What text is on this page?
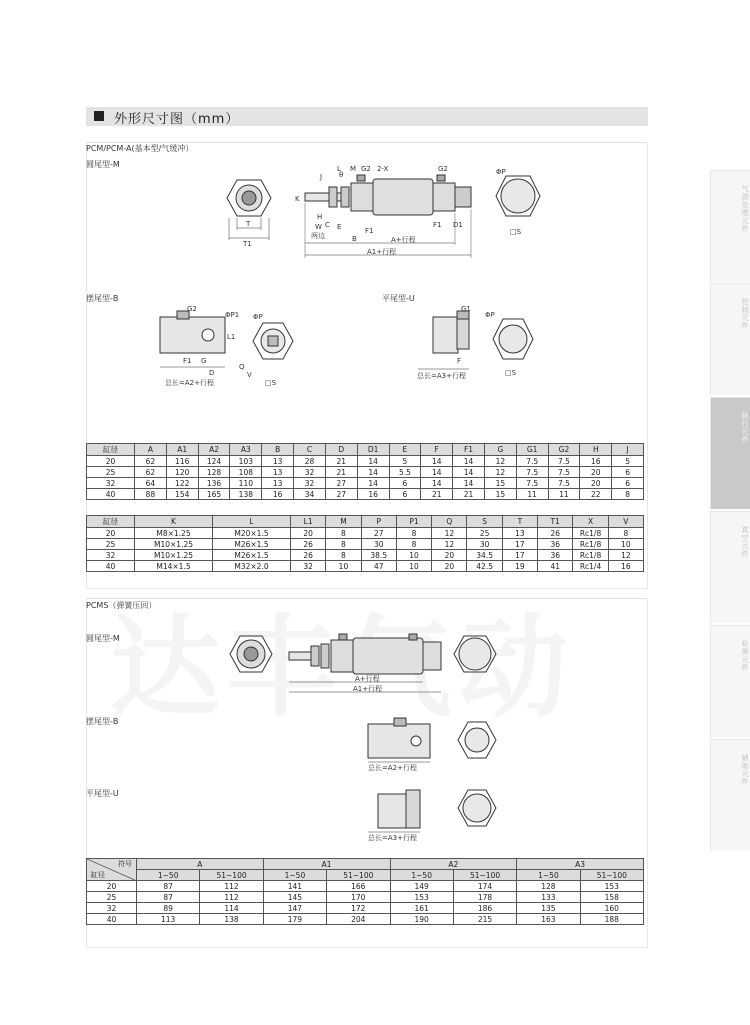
外形尺寸图（mm）
气源处理元件
控制元件
执行元件
真空元件
检测元件
辅助元件
PCM/PCM-A(基本型/气缓冲）
圆尾型-M
摆尾型-B	平尾型-U
T
T1
L M G2 2-X	G2
J θ
K
H
W
两边
E
C
B
F1
F1 D1
A+行程
A1+行程
ΦP
□S
G2
ΦP1
L1
F1 G
D
总长=A2+行程
ΦP
Q
V
□S
G1
F
总长=A3+行程
ΦP
□S
缸径	A	A1	A2	A3	B	C	D	D1	E	F	F1	G	G1	G2	H	J
20	62	116	124	103	13	28	21	14	5	14	14	12	7.5	7.5	16	5
25	62	120	128	108	13	32	21	14	5.5	14	14	12	7.5	7.5	20	6
32	64	122	136	110	13	32	27	14	6	14	14	15	7.5	7.5	20	6
40	88	154	165	138	16	34	27	16	6	21	21	15	11	11	22	8
缸径	K	L	L1	M	P	P1	Q	S	T	T1	X	V
20	M8×1.25	M20×1.5	20	8	27	8	12	25	13	26	Rc1/8	8
25	M10×1.25	M26×1.5	26	8	30	8	12	30	17	36	Rc1/8	10
32	M10×1.25	M26×1.5	26	8	38.5	10	20	34.5	17	36	Rc1/8	12
40	M14×1.5	M32×2.0	32	10	47	10	20	42.5	19	41	Rc1/4	16
PCMS（弹簧压回）
圆尾型-M
摆尾型-B
平尾型-U
A+行程
A1+行程
总长=A2+行程
总长=A3+行程
符号
缸径	A		A1		A2		A3	
	1~50	51~100	1~50	51~100	1~50	51~100	1~50	51~100
20	87	112	141	166	149	174	128	153
25	87	112	145	170	153	178	133	158
32	89	114	147	172	161	186	135	160
40	113	138	179	204	190	215	163	188
